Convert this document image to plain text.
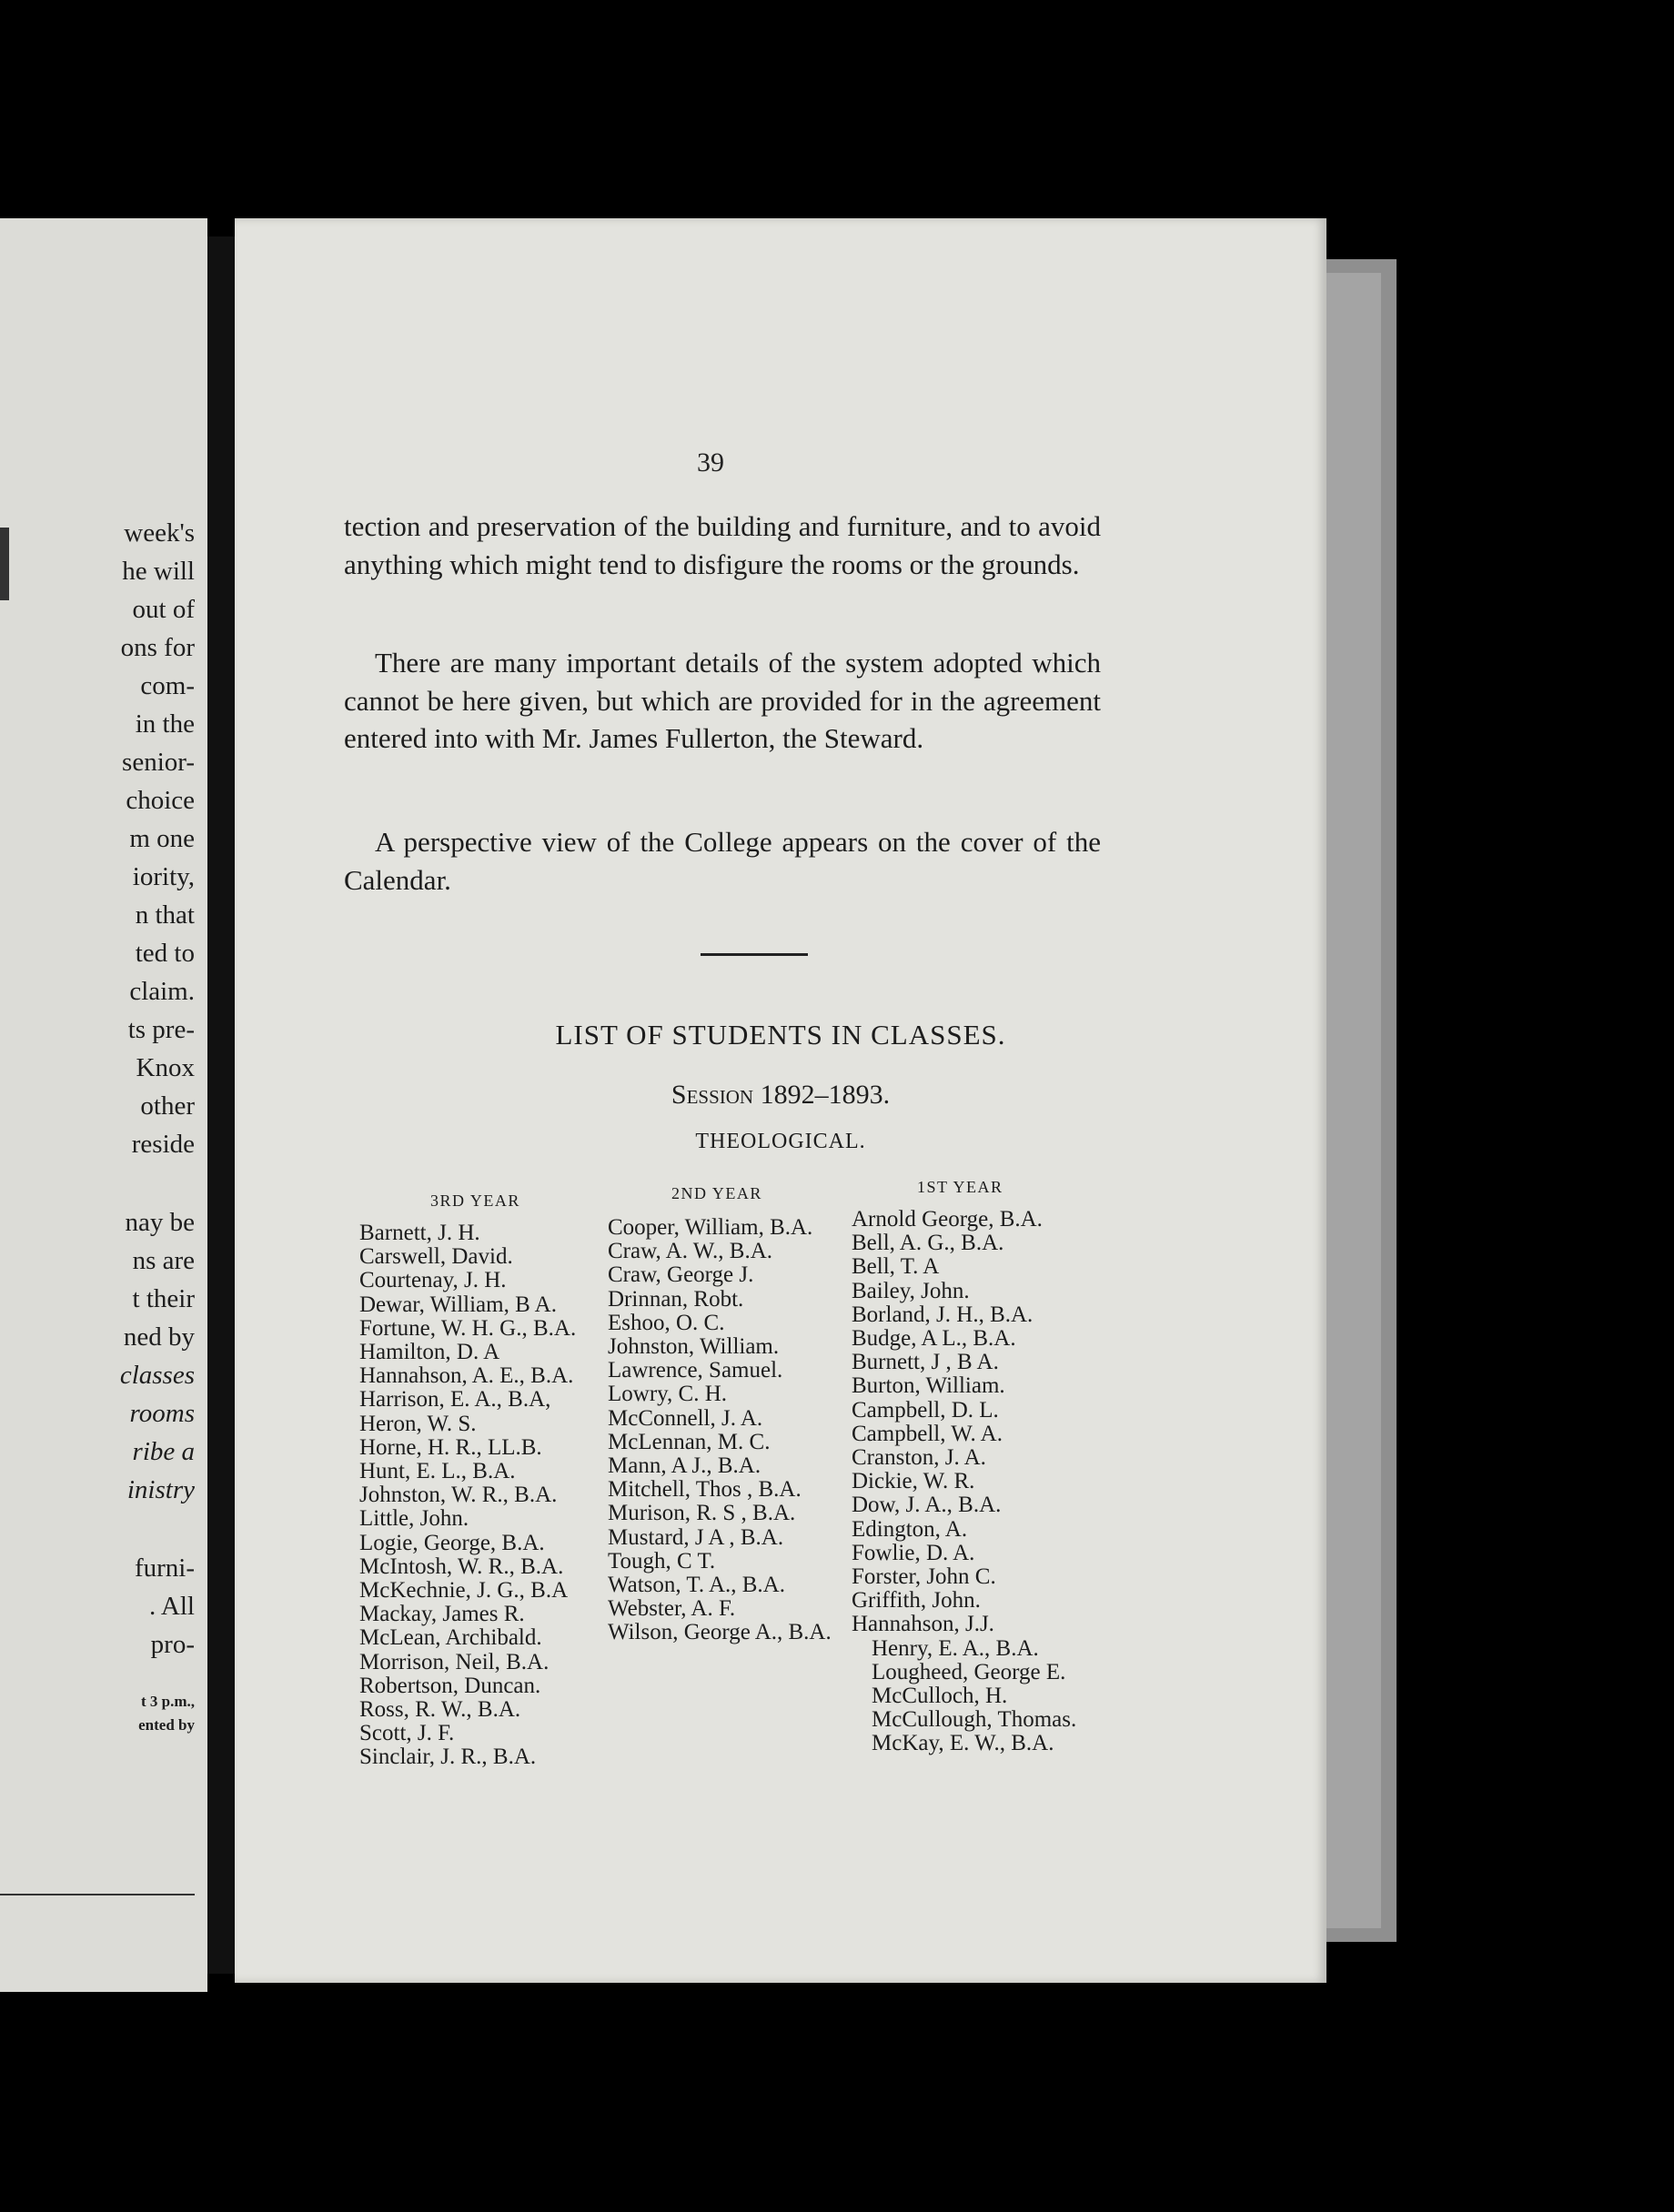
week's
he will
out of
ons for
com-
in the
senior-
choice
m one
iority,
n that
ted to
claim.
ts pre-
Knox
other
reside
nay be
ns are
t their
ned by
classes
rooms
ribe a
inistry
furni-
. All
pro-
t 3 p.m.,
ented by
39

tection and preservation of the building and furniture, and to avoid anything which might tend to disfigure the rooms or the grounds.

There are many important details of the system adopted which cannot be here given, but which are provided for in the agreement entered into with Mr. James Fullerton, the Steward.

A perspective view of the College appears on the cover of the Calendar.

LIST OF STUDENTS IN CLASSES.
Session 1892–1893.
THEOLOGICAL.
3RD YEAR	2ND YEAR	1ST YEAR
Barnett, J. H.
Carswell, David.
Courtenay, J. H.
Dewar, William, B A.
Fortune, W. H. G., B.A.
Hamilton, D. A
Hannahson, A. E., B.A.
Harrison, E. A., B.A,
Heron, W. S.
Horne, H. R., LL.B.
Hunt, E. L., B.A.
Johnston, W. R., B.A.
Little, John.
Logie, George, B.A.
McIntosh, W. R., B.A.
McKechnie, J. G., B.A
Mackay, James R.
McLean, Archibald.
Morrison, Neil, B.A.
Robertson, Duncan.
Ross, R. W., B.A.
Scott, J. F.
Sinclair, J. R., B.A.
Cooper, William, B.A.
Craw, A. W., B.A.
Craw, George J.
Drinnan, Robt.
Eshoo, O. C.
Johnston, William.
Lawrence, Samuel.
Lowry, C. H.
McConnell, J. A.
McLennan, M. C.
Mann, A J., B.A.
Mitchell, Thos , B.A.
Murison, R. S , B.A.
Mustard, J A , B.A.
Tough, C T.
Watson, T. A., B.A.
Webster, A. F.
Wilson, George A., B.A.
Arnold George, B.A.
Bell, A. G., B.A.
Bell, T. A
Bailey, John.
Borland, J. H., B.A.
Budge, A L., B.A.
Burnett, J , B A.
Burton, William.
Campbell, D. L.
Campbell, W. A.
Cranston, J. A.
Dickie, W. R.
Dow, J. A., B.A.
Edington, A.
Fowlie, D. A.
Forster, John C.
Griffith, John.
Hannahson, J.J.
Henry, E. A., B.A.
Lougheed, George E.
McCulloch, H.
McCullough, Thomas.
McKay, E. W., B.A.
